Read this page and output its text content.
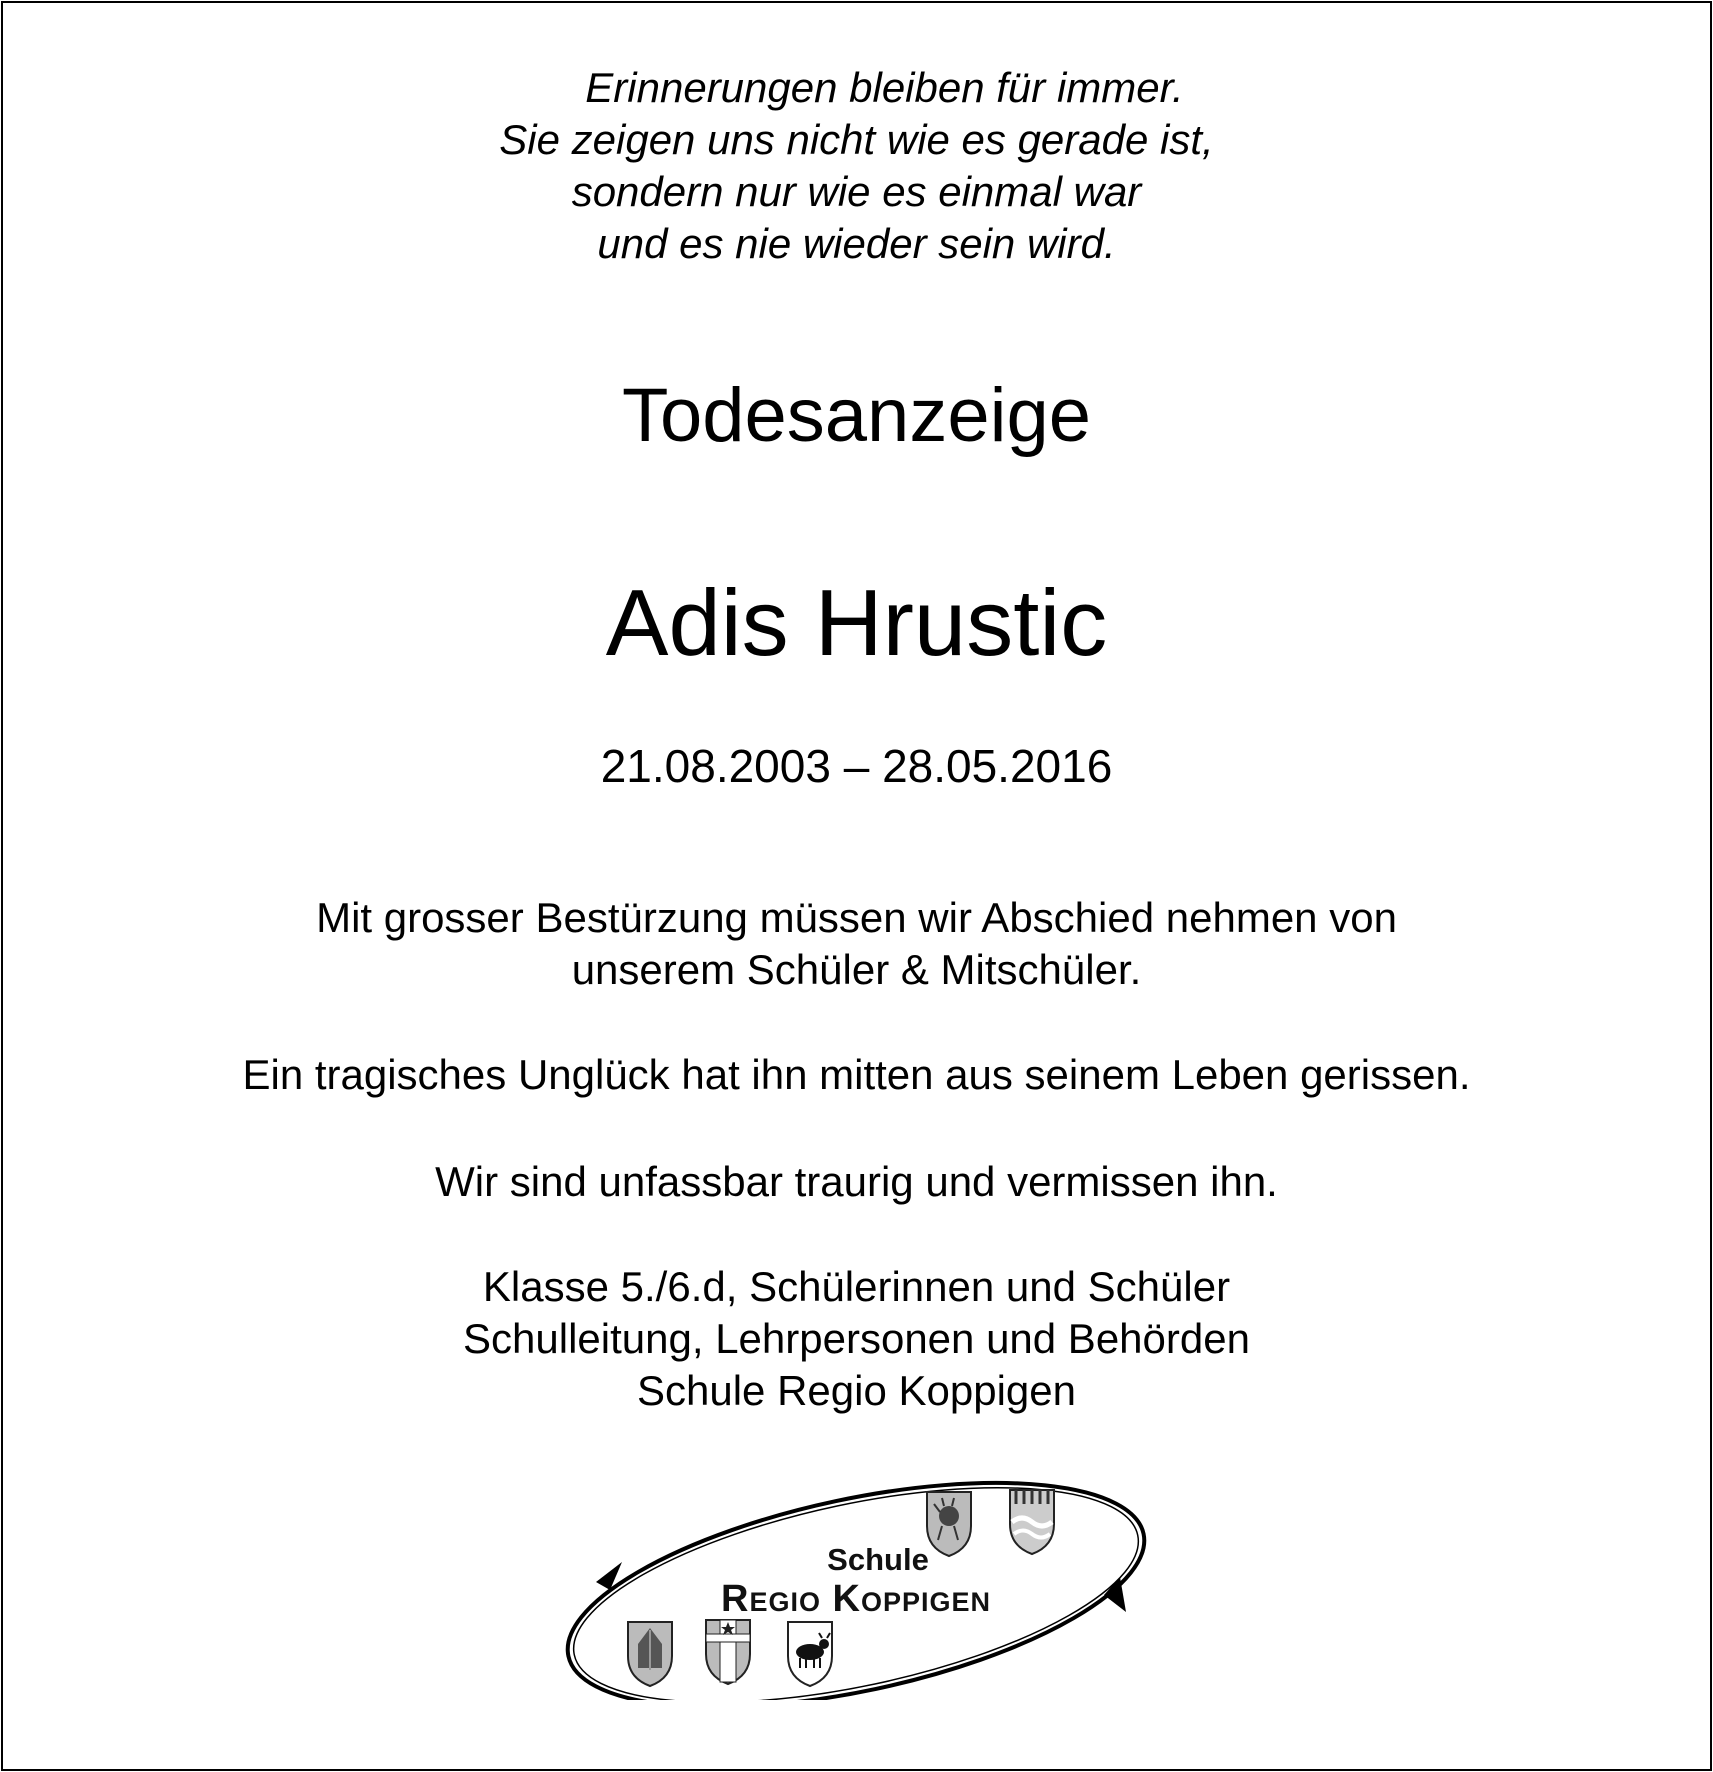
Erinnerungen bleiben für immer.
Sie zeigen uns nicht wie es gerade ist,
sondern nur wie es einmal war
und es nie wieder sein wird.
Todesanzeige
Adis Hrustic
21.08.2003 – 28.05.2016
Mit grosser Bestürzung müssen wir Abschied nehmen von
unserem Schüler & Mitschüler.
Ein tragisches Unglück hat ihn mitten aus seinem Leben gerissen.
Wir sind unfassbar traurig und vermissen ihn.
Klasse 5./6.d, Schülerinnen und Schüler
Schulleitung, Lehrpersonen und Behörden
Schule Regio Koppigen
Schule
Regio Koppigen
